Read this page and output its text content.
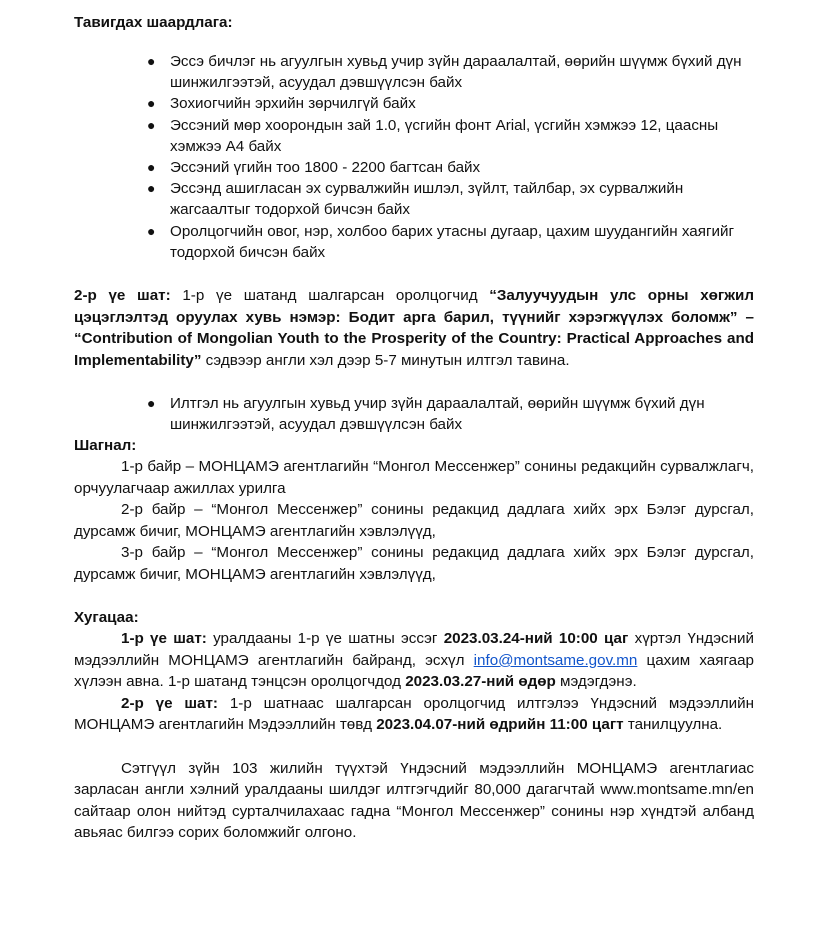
Тавигдах шаардлага:

● Эссэ бичлэг нь агуулгын хувьд учир зүйн дараалалтай, өөрийн шүүмж бүхий дүн шинжилгээтэй, асуудал дэвшүүлсэн байх
● Зохиогчийн эрхийн зөрчилгүй байх
● Эссэний мөр хоорондын зай 1.0, үсгийн фонт Arial, үсгийн хэмжээ 12, цаасны хэмжээ А4 байх
● Эссэний үгийн тоо 1800 - 2200 багтсан байх
● Эссэнд ашигласан эх сурвалжийн ишлэл, зүйлт, тайлбар, эх сурвалжийн жагсаалтыг тодорхой бичсэн байх
● Оролцогчийн овог, нэр, холбоо барих утасны дугаар, цахим шуудангийн хаягийг тодорхой бичсэн байх

2-р үе шат: 1-р үе шатанд шалгарсан оролцогчид “Залуучуудын улс орны хөгжил цэцэглэлтэд оруулах хувь нэмэр: Бодит арга барил, түүнийг хэрэгжүүлэх боломж” – “Contribution of Mongolian Youth to the Prosperity of the Country: Practical Approaches and Implementability” сэдвээр англи хэл дээр 5-7 минутын илтгэл тавина.

● Илтгэл нь агуулгын хувьд учир зүйн дараалалтай, өөрийн шүүмж бүхий дүн шинжилгээтэй, асуудал дэвшүүлсэн байх

Шагнал:

1-р байр – МОНЦАМЭ агентлагийн “Монгол Мессенжер” сонины редакцийн сурвалжлагч, орчуулагчаар ажиллах урилга

2-р байр – “Монгол Мессенжер” сонины редакцид дадлага хийх эрх Бэлэг дурсгал, дурсамж бичиг, МОНЦАМЭ агентлагийн хэвлэлүүд,

3-р байр – “Монгол Мессенжер” сонины редакцид дадлага хийх эрх Бэлэг дурсгал, дурсамж бичиг, МОНЦАМЭ агентлагийн хэвлэлүүд,

Хугацаа:

1-р үе шат: уралдааны 1-р үе шатны эссэг 2023.03.24-ний 10:00 цаг хүртэл Үндэсний мэдээллийн МОНЦАМЭ агентлагийн байранд, эсхүл info@montsame.gov.mn цахим хаягаар хүлээн авна. 1-р шатанд тэнцсэн оролцогчдод 2023.03.27-ний өдөр мэдэгдэнэ.

2-р үе шат: 1-р шатнаас шалгарсан оролцогчид илтгэлээ Үндэсний мэдээллийн МОНЦАМЭ агентлагийн Мэдээллийн төвд 2023.04.07-ний өдрийн 11:00 цагт танилцуулна.

Сэтгүүл зүйн 103 жилийн түүхтэй Үндэсний мэдээллийн МОНЦАМЭ агентлагиас зарласан англи хэлний уралдааны шилдэг илтгэгчдийг 80,000 дагагчтай www.montsame.mn/en сайтаар олон нийтэд сурталчилахаас гадна “Монгол Мессенжер” сонины нэр хүндтэй албанд авьяас билгээ сорих боломжийг олгоно.
